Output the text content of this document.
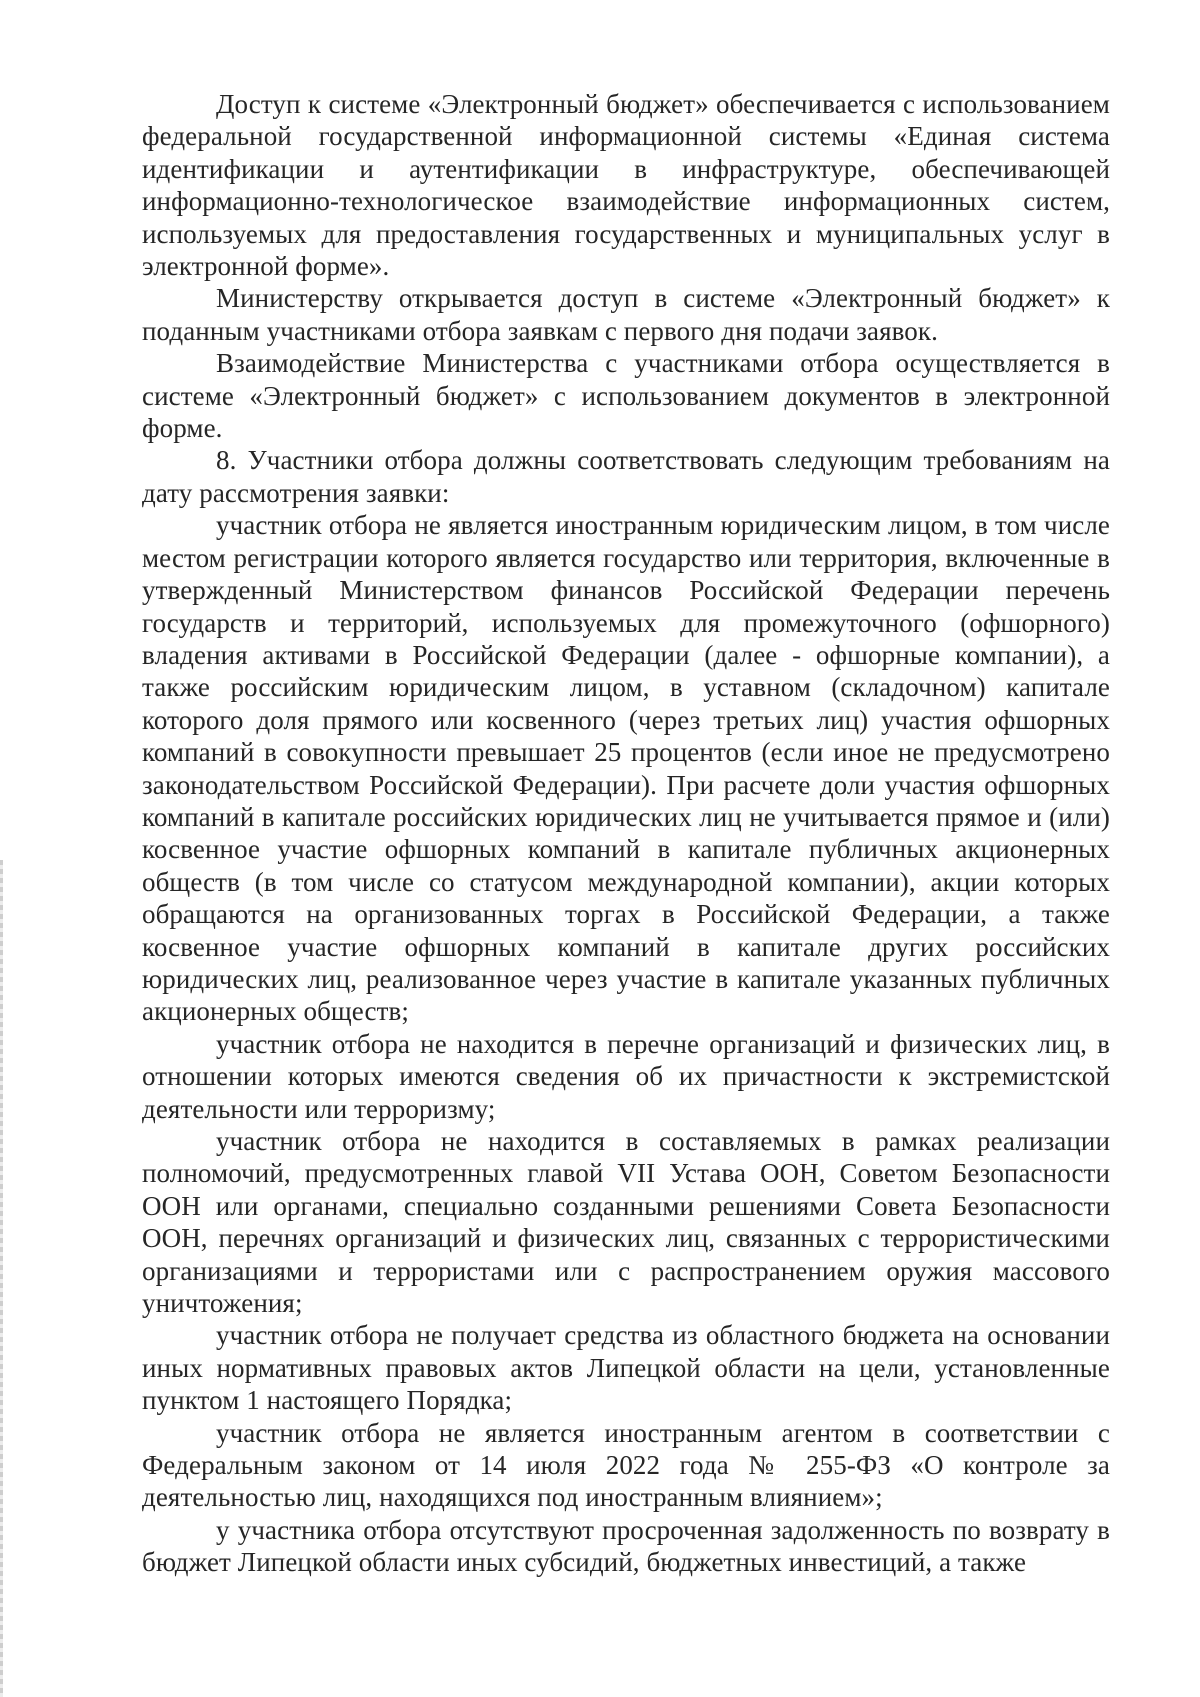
Доступ к системе «Электронный бюджет» обеспечивается с использованием федеральной государственной информационной системы «Единая система идентификации и аутентификации в инфраструктуре, обеспечивающей информационно-технологическое взаимодействие информационных систем, используемых для предоставления государственных и муниципальных услуг в электронной форме».

Министерству открывается доступ в системе «Электронный бюджет» к поданным участниками отбора заявкам с первого дня подачи заявок.

Взаимодействие Министерства с участниками отбора осуществляется в системе «Электронный бюджет» с использованием документов в электронной форме.

8. Участники отбора должны соответствовать следующим требованиям на дату рассмотрения заявки:

участник отбора не является иностранным юридическим лицом, в том числе местом регистрации которого является государство или территория, включенные в утвержденный Министерством финансов Российской Федерации перечень государств и территорий, используемых для промежуточного (офшорного) владения активами в Российской Федерации (далее - офшорные компании), а также российским юридическим лицом, в уставном (складочном) капитале которого доля прямого или косвенного (через третьих лиц) участия офшорных компаний в совокупности превышает 25 процентов (если иное не предусмотрено законодательством Российской Федерации). При расчете доли участия офшорных компаний в капитале российских юридических лиц не учитывается прямое и (или) косвенное участие офшорных компаний в капитале публичных акционерных обществ (в том числе со статусом международной компании), акции которых обращаются на организованных торгах в Российской Федерации, а также косвенное участие офшорных компаний в капитале других российских юридических лиц, реализованное через участие в капитале указанных публичных акционерных обществ;

участник отбора не находится в перечне организаций и физических лиц, в отношении которых имеются сведения об их причастности к экстремистской деятельности или терроризму;

участник отбора не находится в составляемых в рамках реализации полномочий, предусмотренных главой VII Устава ООН, Советом Безопасности ООН или органами, специально созданными решениями Совета Безопасности ООН, перечнях организаций и физических лиц, связанных с террористическими организациями и террористами или с распространением оружия массового уничтожения;

участник отбора не получает средства из областного бюджета на основании иных нормативных правовых актов Липецкой области на цели, установленные пунктом 1 настоящего Порядка;

участник отбора не является иностранным агентом в соответствии с Федеральным законом от 14 июля 2022 года № 255-ФЗ «О контроле за деятельностью лиц, находящихся под иностранным влиянием»;

у участника отбора отсутствуют просроченная задолженность по возврату в бюджет Липецкой области иных субсидий, бюджетных инвестиций, а также
